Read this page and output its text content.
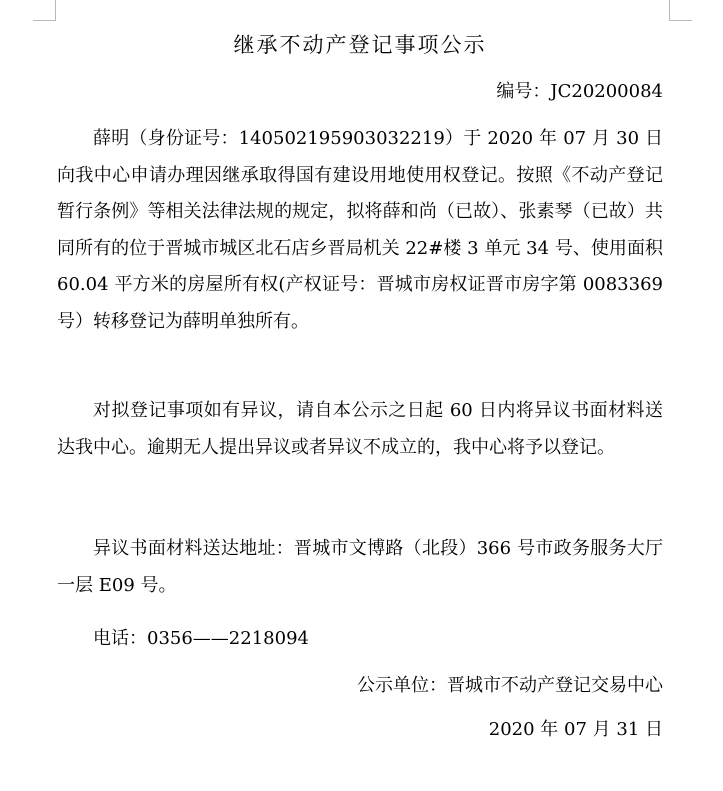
继承不动产登记事项公示
编号：JC20200084

薛明（身份证号：140502195903032219）于 2020 年 07 月 30 日向我中心申请办理因继承取得国有建设用地使用权登记。按照《不动产登记暂行条例》等相关法律法规的规定，拟将薛和尚（已故）、张素琴（已故）共同所有的位于晋城市城区北石店乡晋局机关 22#楼 3 单元 34 号、使用面积 60.04 平方米的房屋所有权(产权证号：晋城市房权证晋市房字第 0083369 号）转移登记为薛明单独所有。

对拟登记事项如有异议，请自本公示之日起 60 日内将异议书面材料送达我中心。逾期无人提出异议或者异议不成立的，我中心将予以登记。

异议书面材料送达地址：晋城市文博路（北段）366 号市政务服务大厅一层 E09 号。

电话：0356——2218094

公示单位：晋城市不动产登记交易中心
2020 年 07 月 31 日
